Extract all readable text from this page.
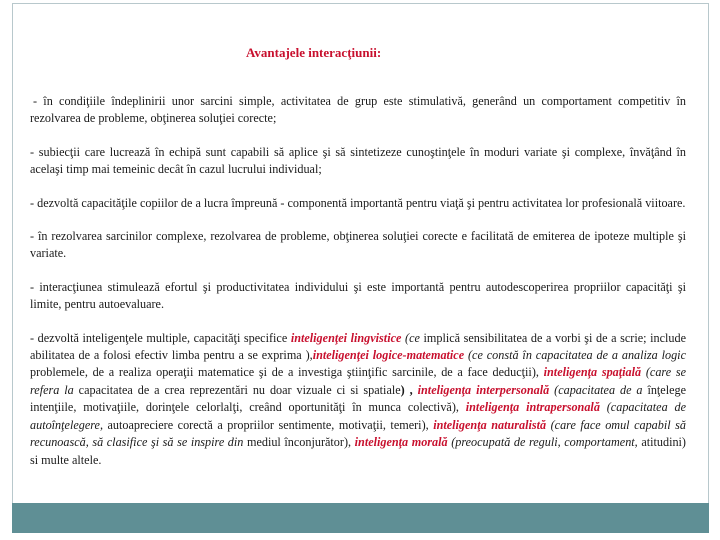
Avantajele interacţiunii:

- în condiţiile îndeplinirii unor sarcini simple, activitatea de grup este stimulativă, generând un comportament competitiv în rezolvarea de probleme, obţinerea soluţiei corecte;

- subiecţii care lucrează în echipă sunt capabili să aplice şi să sintetizeze cunoştinţele în moduri variate şi complexe, învăţând în acelaşi timp mai temeinic decât în cazul lucrului individual;

- dezvoltă capacităţile copiilor de a lucra împreună - componentă importantă pentru viaţă şi pentru activitatea lor profesională viitoare.

- în rezolvarea sarcinilor complexe, rezolvarea de probleme, obţinerea soluţiei corecte e facilitată de emiterea de ipoteze multiple şi variate.

- interacţiunea stimulează efortul şi productivitatea individului şi este importantă pentru autodescoperirea propriilor capacităţi şi limite, pentru autoevaluare.

- dezvoltă inteligenţele multiple, capacităţi specifice inteligenţei lingvistice (ce implică sensibilitatea de a vorbi şi de a scrie; include abilitatea de a folosi efectiv limba pentru a se exprima ),inteligenţei logice-matematice (ce constă în capacitatea de a analiza logic problemele, de a realiza operaţii matematice şi de a investiga ştiinţific sarcinile, de a face deducţii), inteligenţa spaţială (care se refera la capacitatea de a crea reprezentări nu doar vizuale ci si spatiale) , inteligenţa interpersonală (capacitatea de a înţelege intenţiile, motivaţiile, dorinţele celorlalţi, creând oportunităţi în munca colectivă), inteligenţa intrapersonală (capacitatea de autoînţelegere, autoapreciere corectă a propriilor sentimente, motivaţii, temeri), inteligenţa naturalistă (care face omul capabil să recunoască, să clasifice şi să se inspire din mediul înconjurător), inteligenţa morală (preocupată de reguli, comportament, atitudini) si multe altele.
